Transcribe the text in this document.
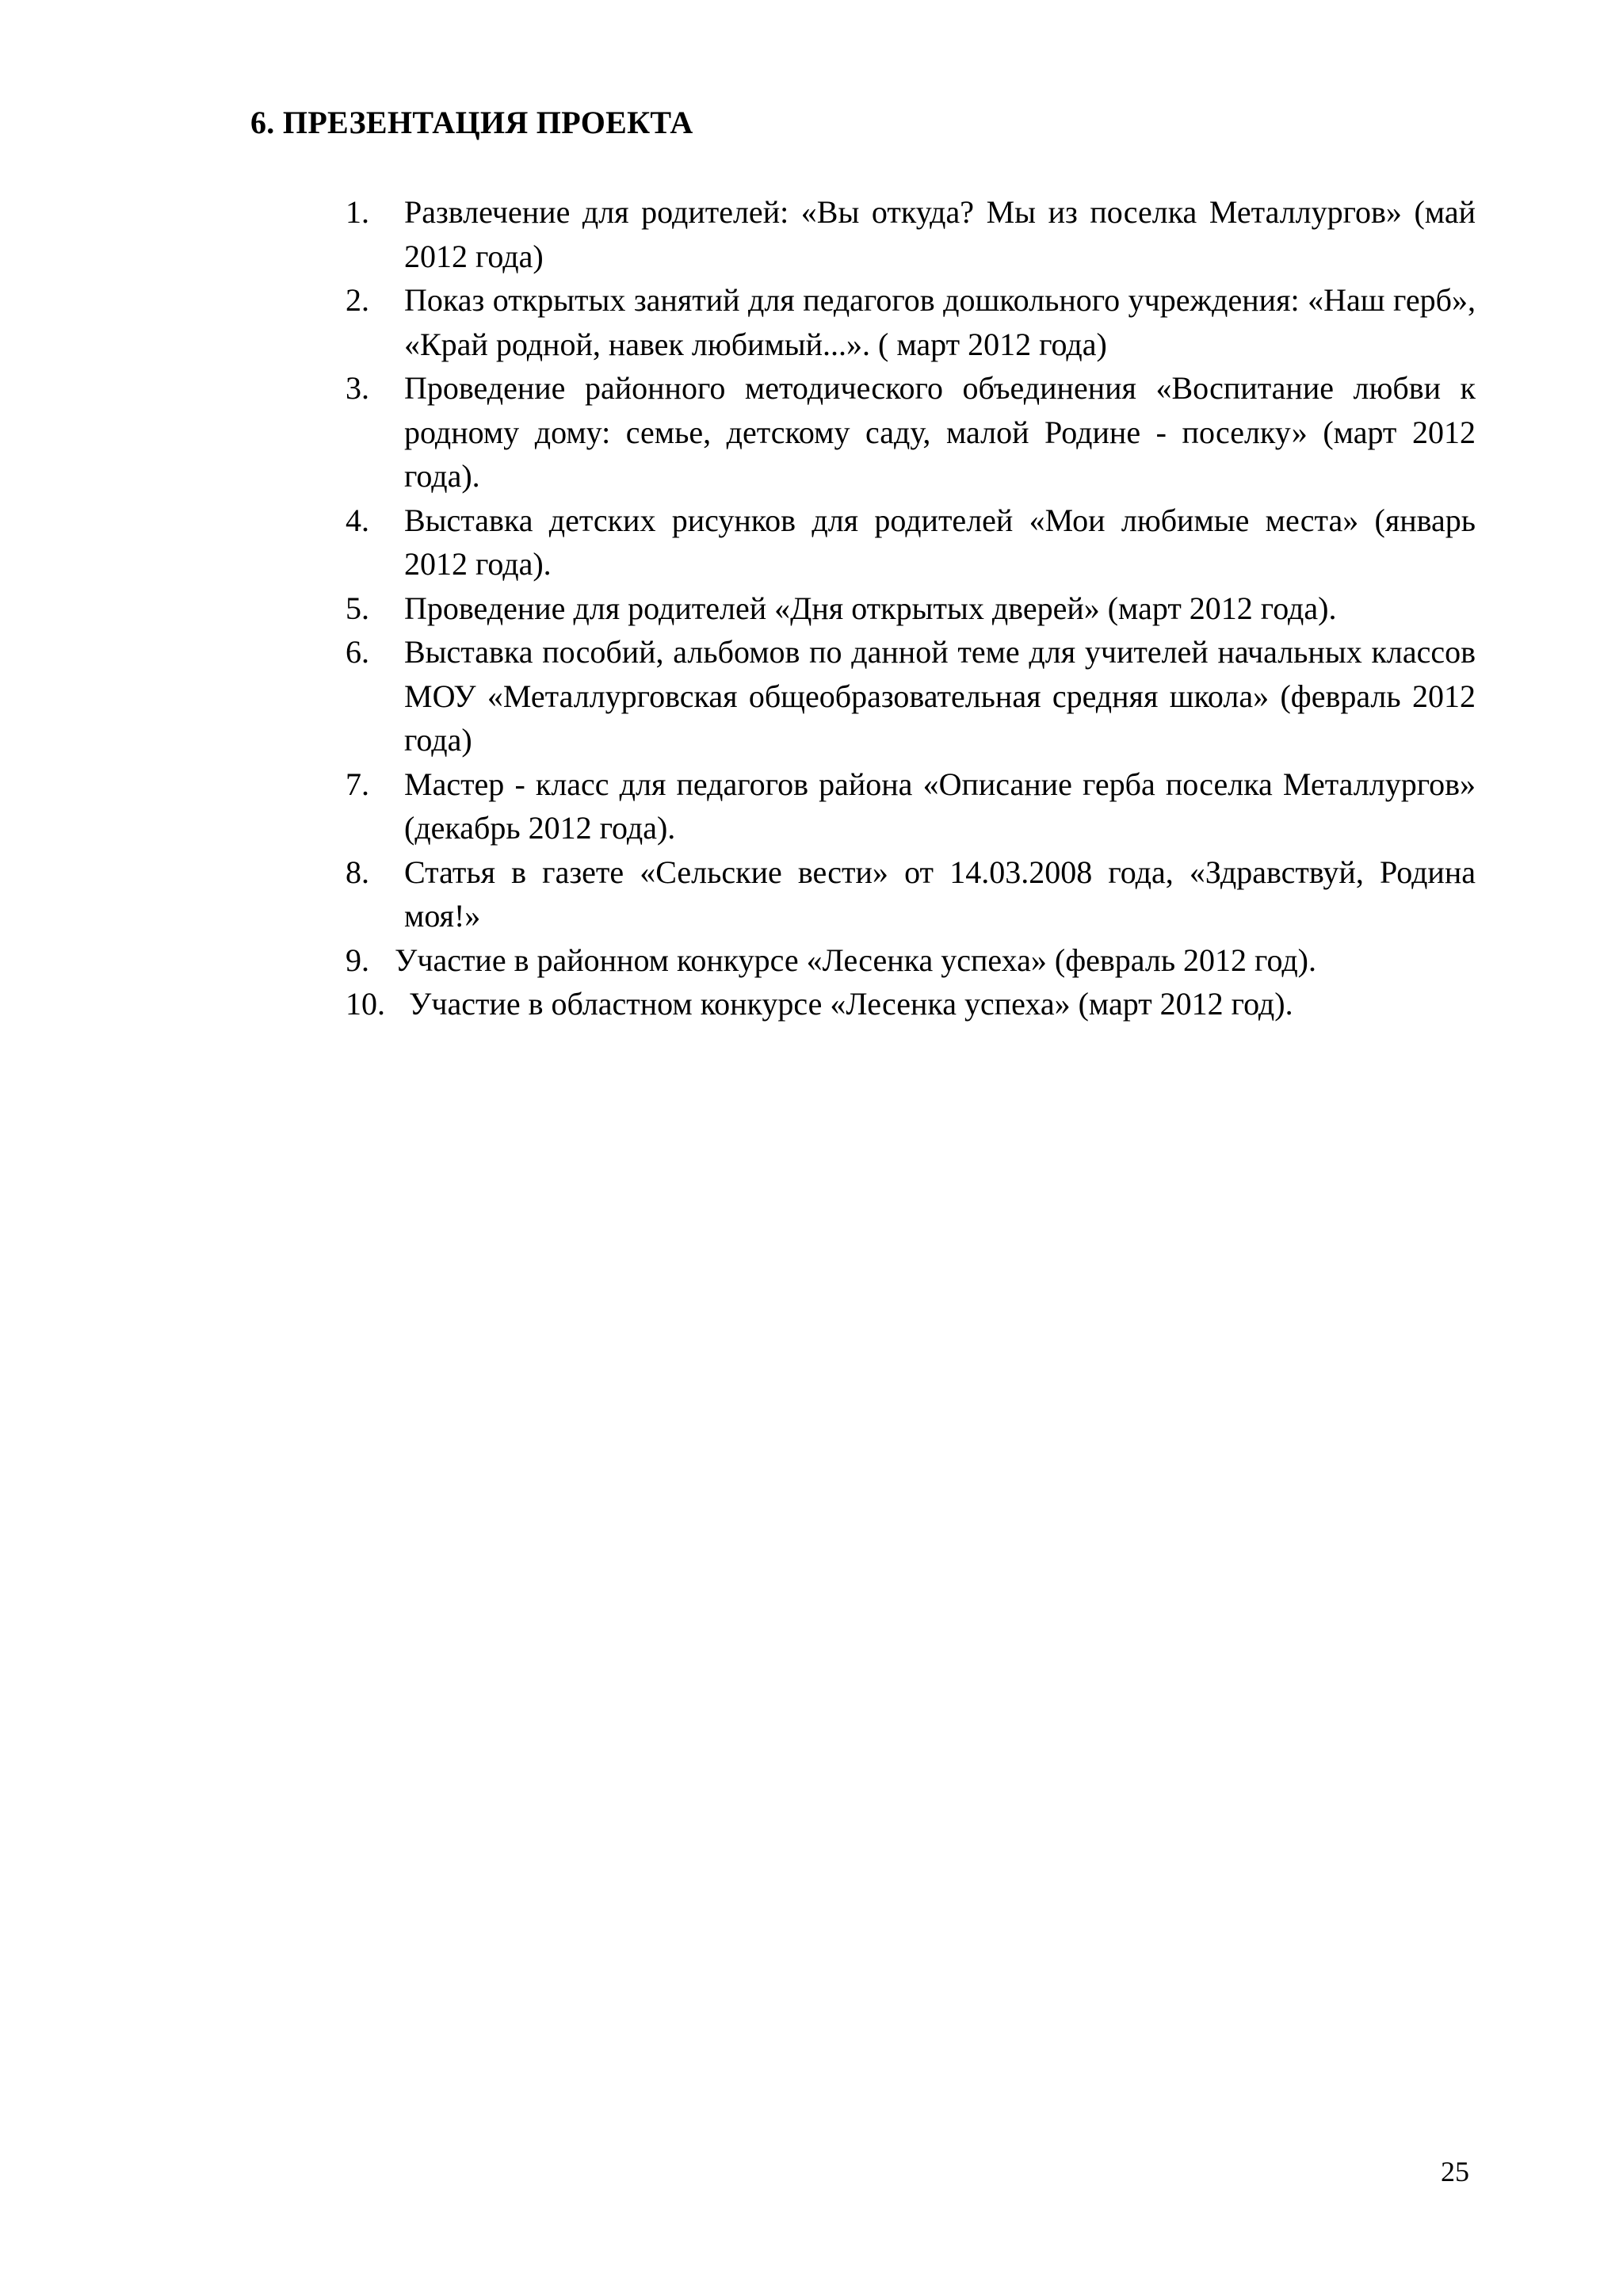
6. ПРЕЗЕНТАЦИЯ ПРОЕКТА
1. Развлечение для родителей: «Вы откуда? Мы из поселка Металлургов» (май 2012 года)
2. Показ открытых занятий для педагогов дошкольного учреждения: «Наш герб», «Край родной, навек любимый...». ( март 2012 года)
3. Проведение районного методического объединения «Воспитание любви к родному дому: семье, детскому саду, малой Родине - поселку» (март 2012 года).
4. Выставка детских рисунков для родителей «Мои любимые места» (январь 2012 года).
5. Проведение для родителей «Дня открытых дверей» (март 2012 года).
6. Выставка пособий, альбомов по данной теме для учителей начальных классов МОУ «Металлурговская общеобразовательная средняя школа» (февраль 2012 года)
7. Мастер - класс для педагогов района «Описание герба поселка Металлургов» (декабрь 2012 года).
8. Статья в газете «Сельские вести» от 14.03.2008 года, «Здравствуй, Родина моя!»
9. Участие в районном конкурсе «Лесенка успеха» (февраль 2012 год).
10. Участие в областном конкурсе «Лесенка успеха» (март 2012 год).
25
